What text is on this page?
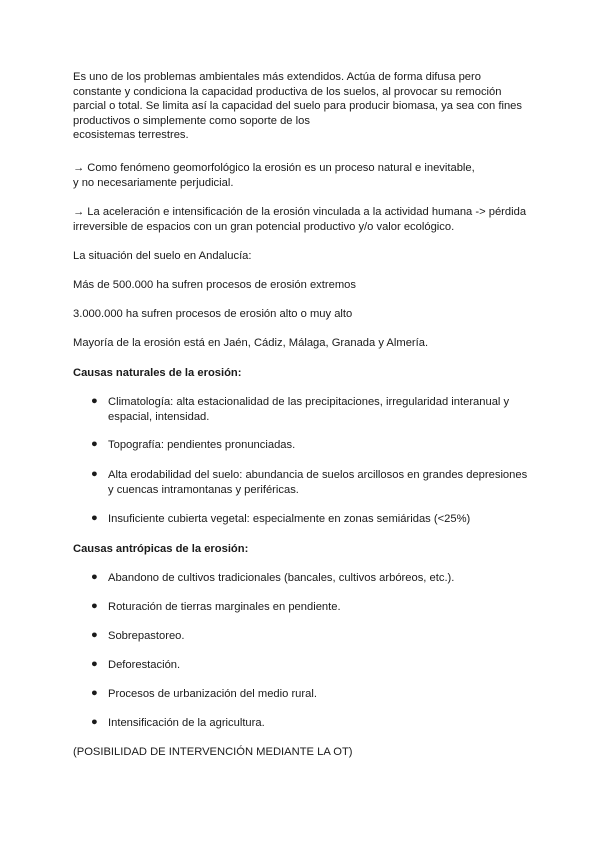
Es uno de los problemas ambientales más extendidos. Actúa de forma difusa pero
constante y condiciona la capacidad productiva de los suelos, al provocar su remoción
parcial o total. Se limita así la capacidad del suelo para producir biomasa, ya sea con fines
productivos o simplemente como soporte de los
ecosistemas terrestres.
→ Como fenómeno geomorfológico la erosión es un proceso natural e inevitable,
y no necesariamente perjudicial.
→ La aceleración e intensificación de la erosión vinculada a la actividad humana -> pérdida
irreversible de espacios con un gran potencial productivo y/o valor ecológico.
La situación del suelo en Andalucía:
Más de 500.000 ha sufren procesos de erosión extremos
3.000.000 ha sufren procesos de erosión alto o muy alto
Mayoría de la erosión está en Jaén, Cádiz, Málaga, Granada y Almería.
Causas naturales de la erosión:
● Climatología: alta estacionalidad de las precipitaciones, irregularidad interanual y
espacial, intensidad.
● Topografía: pendientes pronunciadas.
● Alta erodabilidad del suelo: abundancia de suelos arcillosos en grandes depresiones
y cuencas intramontanas y periféricas.
● Insuficiente cubierta vegetal: especialmente en zonas semiáridas (<25%)
Causas antrópicas de la erosión:
● Abandono de cultivos tradicionales (bancales, cultivos arbóreos, etc.).
● Roturación de tierras marginales en pendiente.
● Sobrepastoreo.
● Deforestación.
● Procesos de urbanización del medio rural.
● Intensificación de la agricultura.
(POSIBILIDAD DE INTERVENCIÓN MEDIANTE LA OT)
